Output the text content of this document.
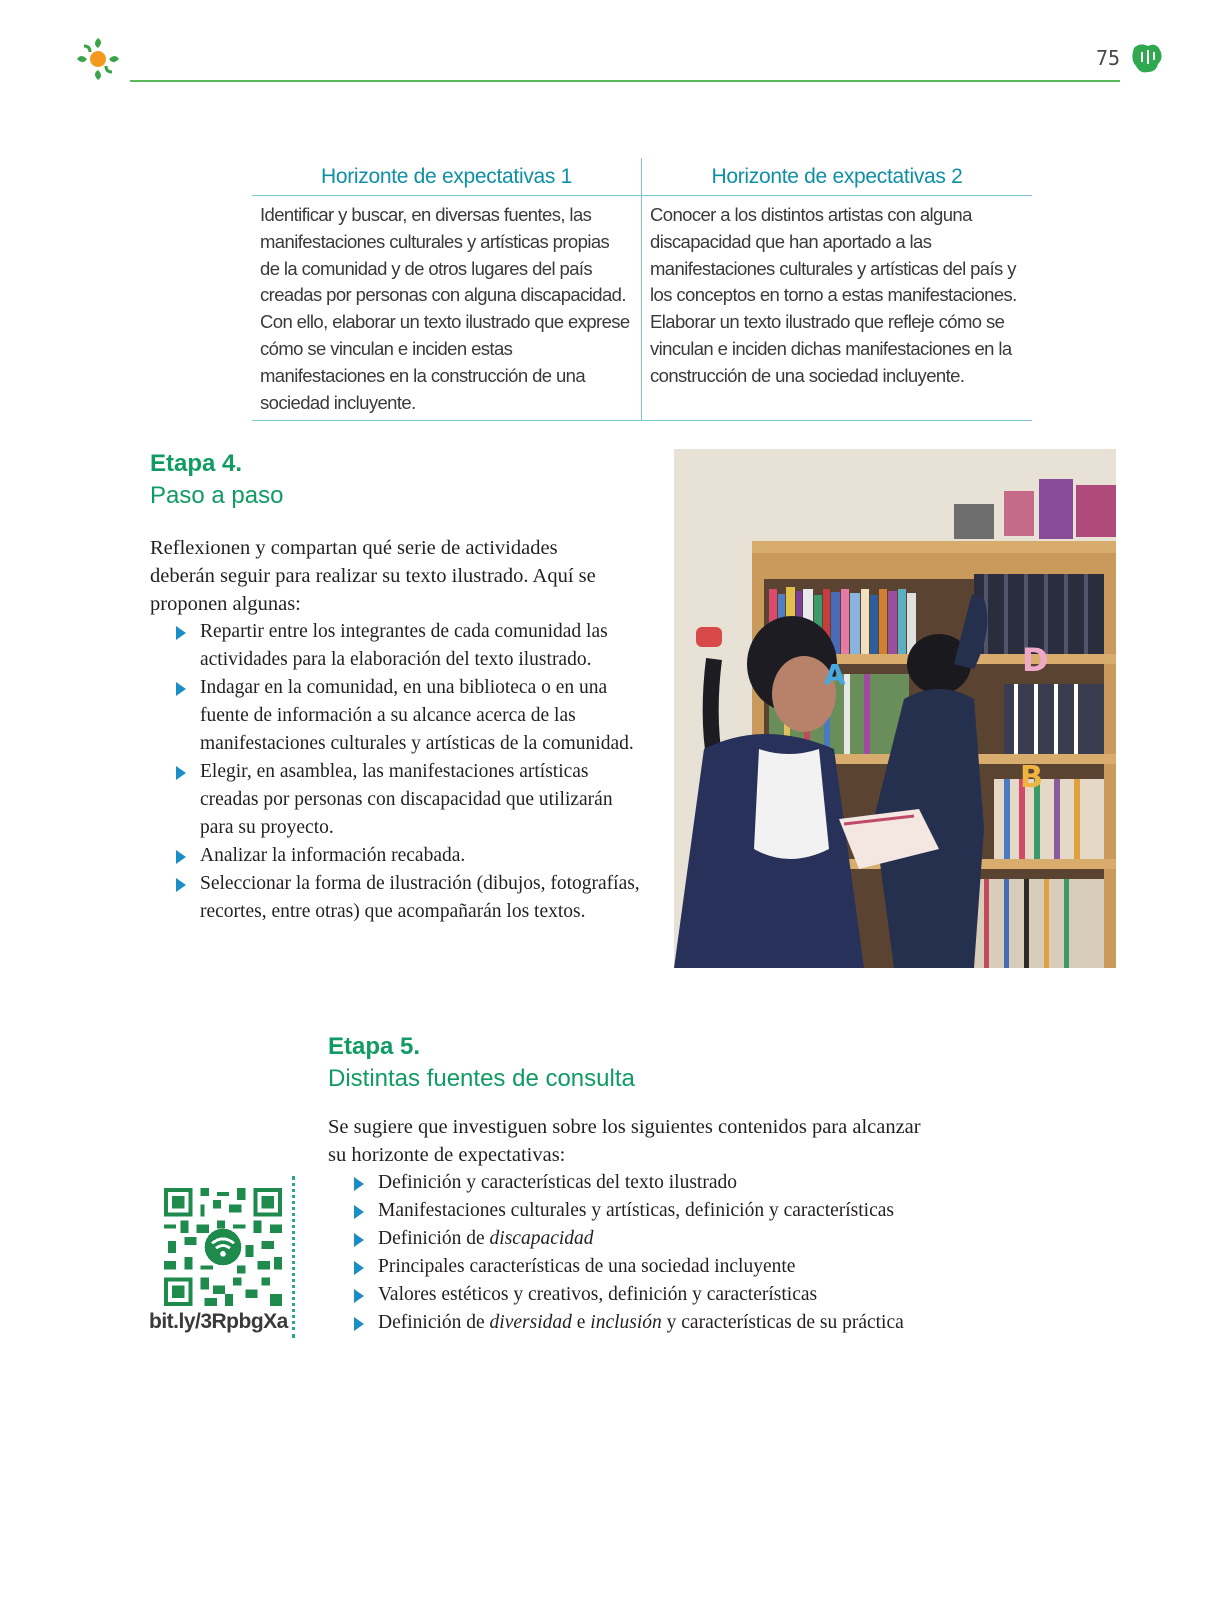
75
Horizonte de expectativas 1	Horizonte de expectativas 2
Identificar y buscar, en diversas fuentes, las manifestaciones culturales y artísticas propias de la comunidad y de otros lugares del país creadas por personas con alguna discapacidad. Con ello, elaborar un texto ilustrado que exprese cómo se vinculan e inciden estas manifestaciones en la construcción de una sociedad incluyente.
Conocer a los distintos artistas con alguna discapacidad que han aportado a las manifestaciones culturales y artísticas del país y los conceptos en torno a estas manifestaciones. Elaborar un texto ilustrado que refleje cómo se vinculan e inciden dichas manifestaciones en la construcción de una sociedad incluyente.
Etapa 4.
Paso a paso

Reflexionen y compartan qué serie de actividades deberán seguir para realizar su texto ilustrado. Aquí se proponen algunas:

Repartir entre los integrantes de cada comunidad las actividades para la elaboración del texto ilustrado.
Indagar en la comunidad, en una biblioteca o en una fuente de información a su alcance acerca de las manifestaciones culturales y artísticas de la comunidad.
Elegir, en asamblea, las manifestaciones artísticas creadas por personas con discapacidad que utilizarán para su proyecto.
Analizar la información recabada.
Seleccionar la forma de ilustración (dibujos, fotografías, recortes, entre otras) que acompañarán los textos.
A	D
B
Etapa 5.
Distintas fuentes de consulta

Se sugiere que investiguen sobre los siguientes contenidos para alcanzar su horizonte de expectativas:

Definición y características del texto ilustrado
Manifestaciones culturales y artísticas, definición y características
Definición de discapacidad
Principales características de una sociedad incluyente
Valores estéticos y creativos, definición y características
Definición de diversidad e inclusión y características de su práctica
bit.ly/3RpbgXa
